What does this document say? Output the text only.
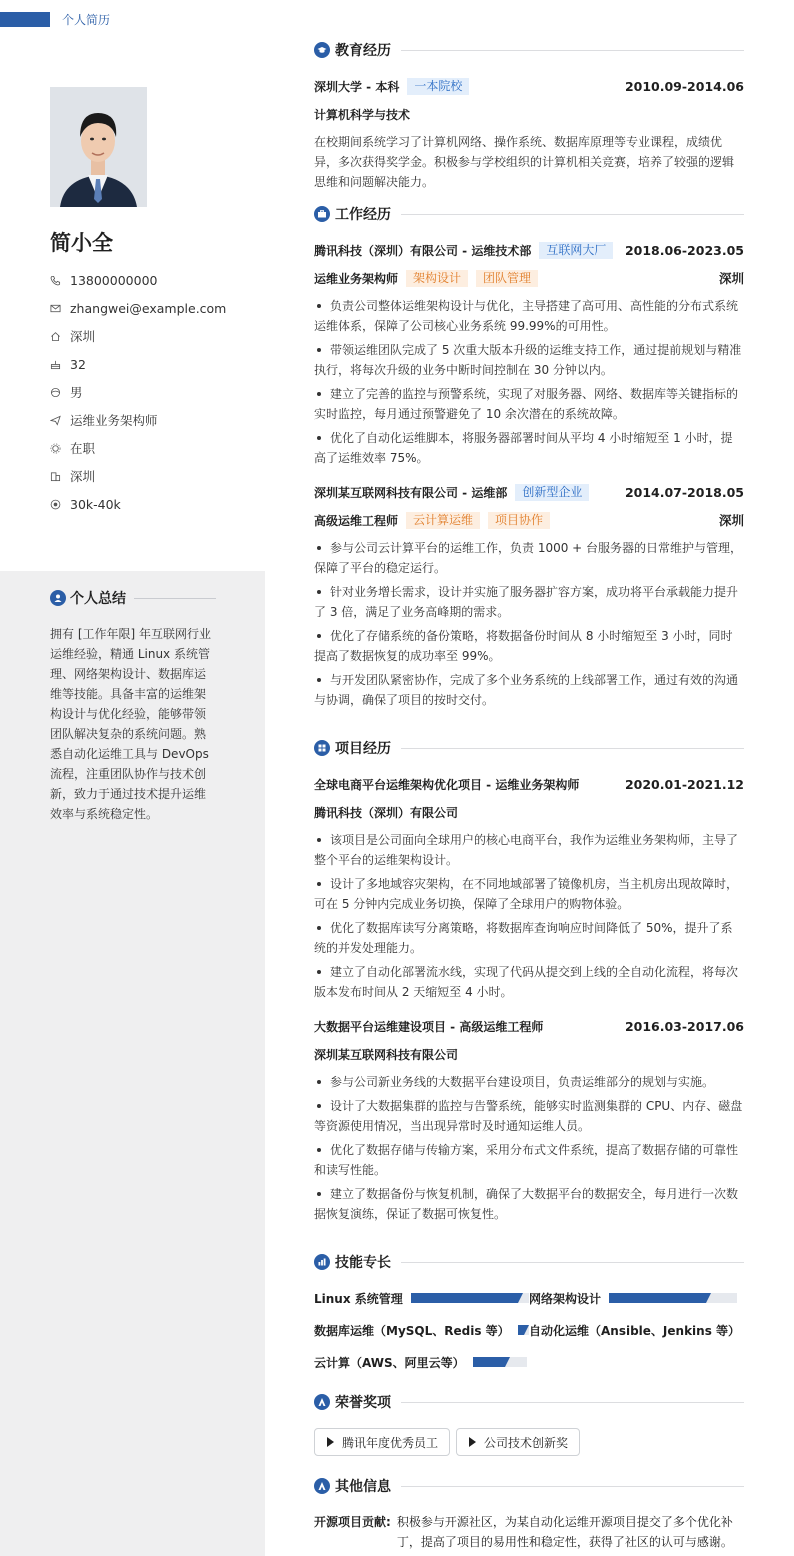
个人简历
简小全
13800000000
zhangwei@example.com
深圳
32
男
运维业务架构师
在职
深圳
30k-40k
个人总结
拥有 [工作年限] 年互联网行业运维经验，精通 Linux 系统管理、网络架构设计、数据库运维等技能。具备丰富的运维架构设计与优化经验，能够带领团队解决复杂的系统问题。熟悉自动化运维工具与 DevOps 流程，注重团队协作与技术创新，致力于通过技术提升运维效率与系统稳定性。
教育经历
深圳大学 - 本科	一本院校	2010.09-2014.06
计算机科学与技术
在校期间系统学习了计算机网络、操作系统、数据库原理等专业课程，成绩优异，多次获得奖学金。积极参与学校组织的计算机相关竞赛，培养了较强的逻辑思维和问题解决能力。
工作经历
腾讯科技（深圳）有限公司 - 运维技术部	互联网大厂	2018.06-2023.05
运维业务架构师	架构设计	团队管理	深圳
负责公司整体运维架构设计与优化，主导搭建了高可用、高性能的分布式系统运维体系，保障了公司核心业务系统 99.99%的可用性。
带领运维团队完成了 5 次重大版本升级的运维支持工作，通过提前规划与精准执行，将每次升级的业务中断时间控制在 30 分钟以内。
建立了完善的监控与预警系统，实现了对服务器、网络、数据库等关键指标的实时监控，每月通过预警避免了 10 余次潜在的系统故障。
优化了自动化运维脚本，将服务器部署时间从平均 4 小时缩短至 1 小时，提高了运维效率 75%。
深圳某互联网科技有限公司 - 运维部	创新型企业	2014.07-2018.05
高级运维工程师	云计算运维	项目协作	深圳
参与公司云计算平台的运维工作，负责 1000 + 台服务器的日常维护与管理，保障了平台的稳定运行。
针对业务增长需求，设计并实施了服务器扩容方案，成功将平台承载能力提升了 3 倍，满足了业务高峰期的需求。
优化了存储系统的备份策略，将数据备份时间从 8 小时缩短至 3 小时，同时提高了数据恢复的成功率至 99%。
与开发团队紧密协作，完成了多个业务系统的上线部署工作，通过有效的沟通与协调，确保了项目的按时交付。
项目经历
全球电商平台运维架构优化项目 - 运维业务架构师	2020.01-2021.12
腾讯科技（深圳）有限公司
该项目是公司面向全球用户的核心电商平台，我作为运维业务架构师，主导了整个平台的运维架构设计。
设计了多地域容灾架构，在不同地域部署了镜像机房，当主机房出现故障时，可在 5 分钟内完成业务切换，保障了全球用户的购物体验。
优化了数据库读写分离策略，将数据库查询响应时间降低了 50%，提升了系统的并发处理能力。
建立了自动化部署流水线，实现了代码从提交到上线的全自动化流程，将每次版本发布时间从 2 天缩短至 4 小时。
大数据平台运维建设项目 - 高级运维工程师	2016.03-2017.06
深圳某互联网科技有限公司
参与公司新业务线的大数据平台建设项目，负责运维部分的规划与实施。
设计了大数据集群的监控与告警系统，能够实时监测集群的 CPU、内存、磁盘等资源使用情况，当出现异常时及时通知运维人员。
优化了数据存储与传输方案，采用分布式文件系统，提高了数据存储的可靠性和读写性能。
建立了数据备份与恢复机制，确保了大数据平台的数据安全，每月进行一次数据恢复演练，保证了数据可恢复性。
技能专长
Linux 系统管理	网络架构设计
数据库运维（MySQL、Redis 等） 自动化运维（Ansible、Jenkins 等）
云计算（AWS、阿里云等）
荣誉奖项
腾讯年度优秀员工	公司技术创新奖
其他信息
开源项目贡献: 积极参与开源社区，为某自动化运维开源项目提交了多个优化补丁，提高了项目的易用性和稳定性，获得了社区的认可与感谢。
